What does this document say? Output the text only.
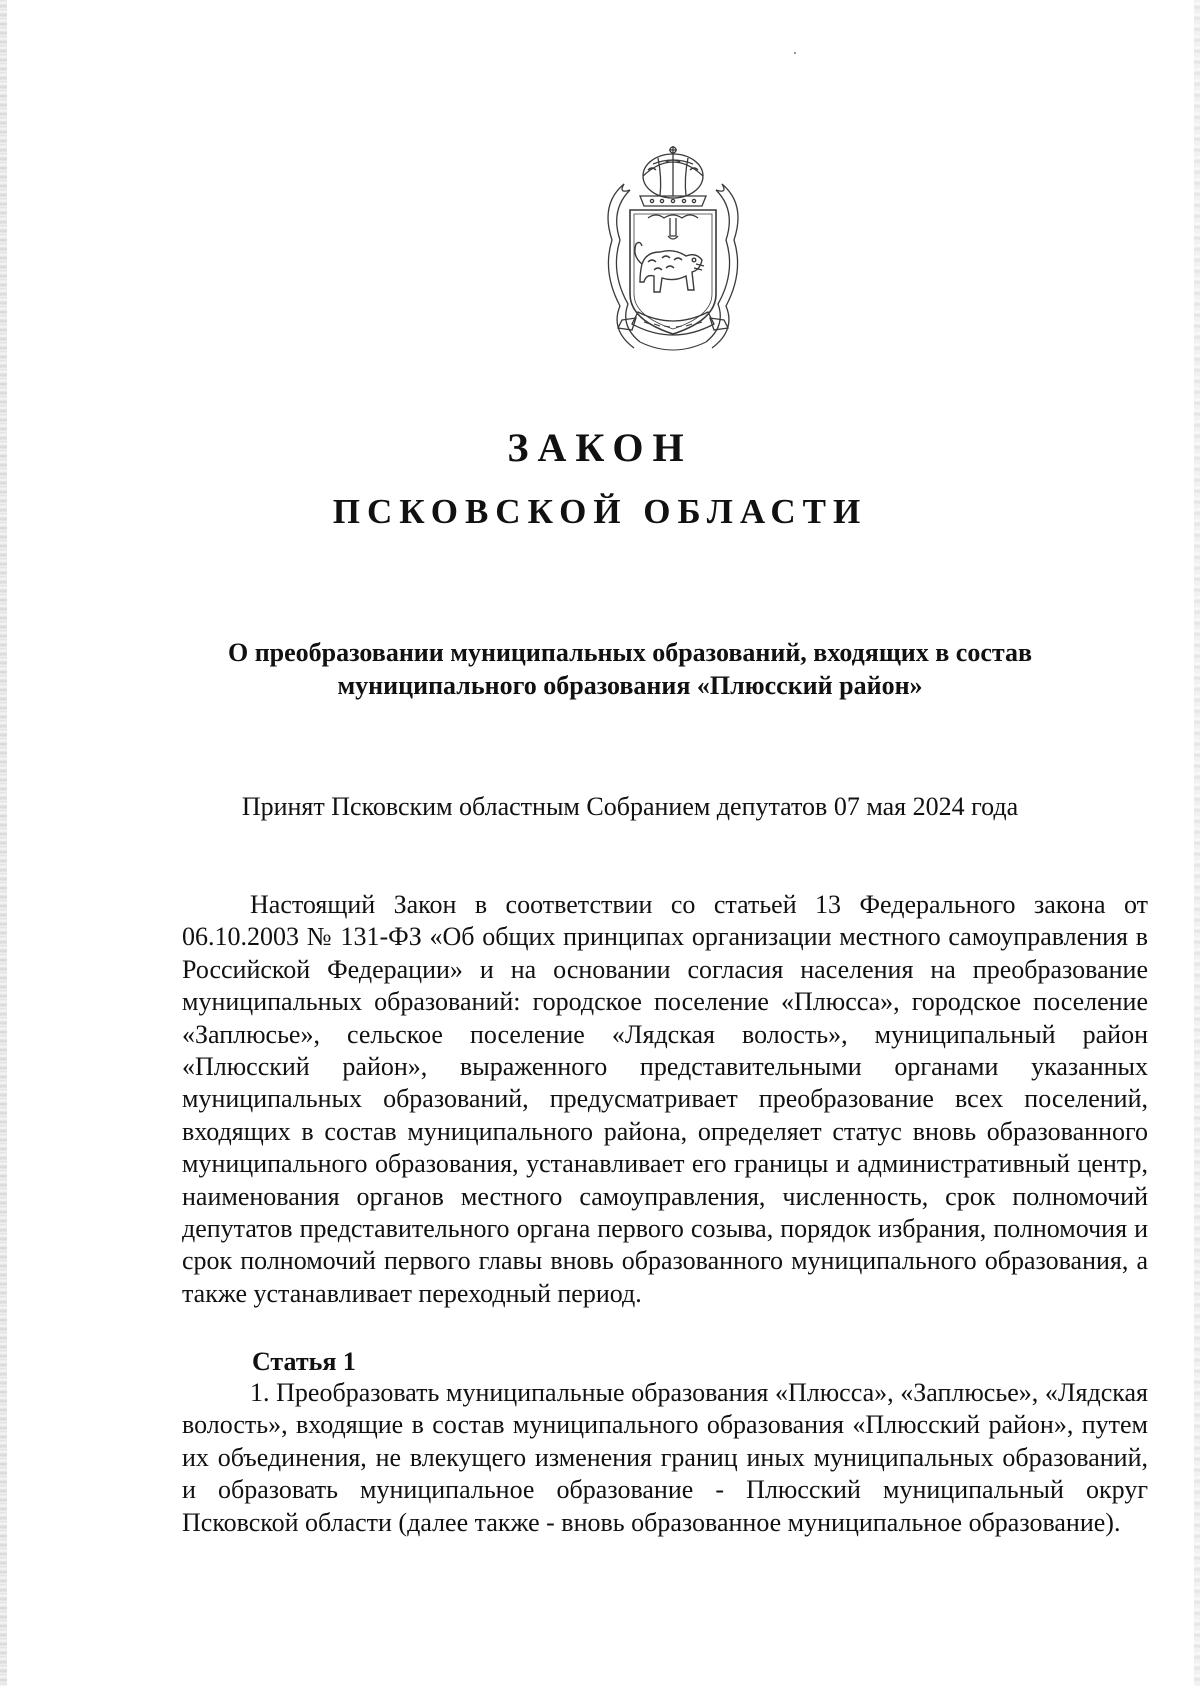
ЗАКОН
ПСКОВСКОЙ ОБЛАСТИ
О преобразовании муниципальных образований, входящих в состав муниципального образования «Плюсский район»
Принят Псковским областным Собранием депутатов 07 мая 2024 года

Настоящий Закон в соответствии со статьей 13 Федерального закона от 06.10.2003 № 131-ФЗ «Об общих принципах организации местного самоуправления в Российской Федерации» и на основании согласия населения на преобразование муниципальных образований: городское поселение «Плюсса», городское поселение «Заплюсье», сельское поселение «Лядская волость», муниципальный район «Плюсский район», выраженного представительными органами указанных муниципальных образований, предусматривает преобразование всех поселений, входящих в состав муниципального района, определяет статус вновь образованного муниципального образования, устанавливает его границы и административный центр, наименования органов местного самоуправления, численность, срок полномочий депутатов представительного органа первого созыва, порядок избрания, полномочия и срок полномочий первого главы вновь образованного муниципального образования, а также устанавливает переходный период.

Статья 1

1. Преобразовать муниципальные образования «Плюсса», «Заплюсье», «Лядская волость», входящие в состав муниципального образования «Плюсский район», путем их объединения, не влекущего изменения границ иных муниципальных образований, и образовать муниципальное образование - Плюсский муниципальный округ Псковской области (далее также - вновь образованное муниципальное образование).
